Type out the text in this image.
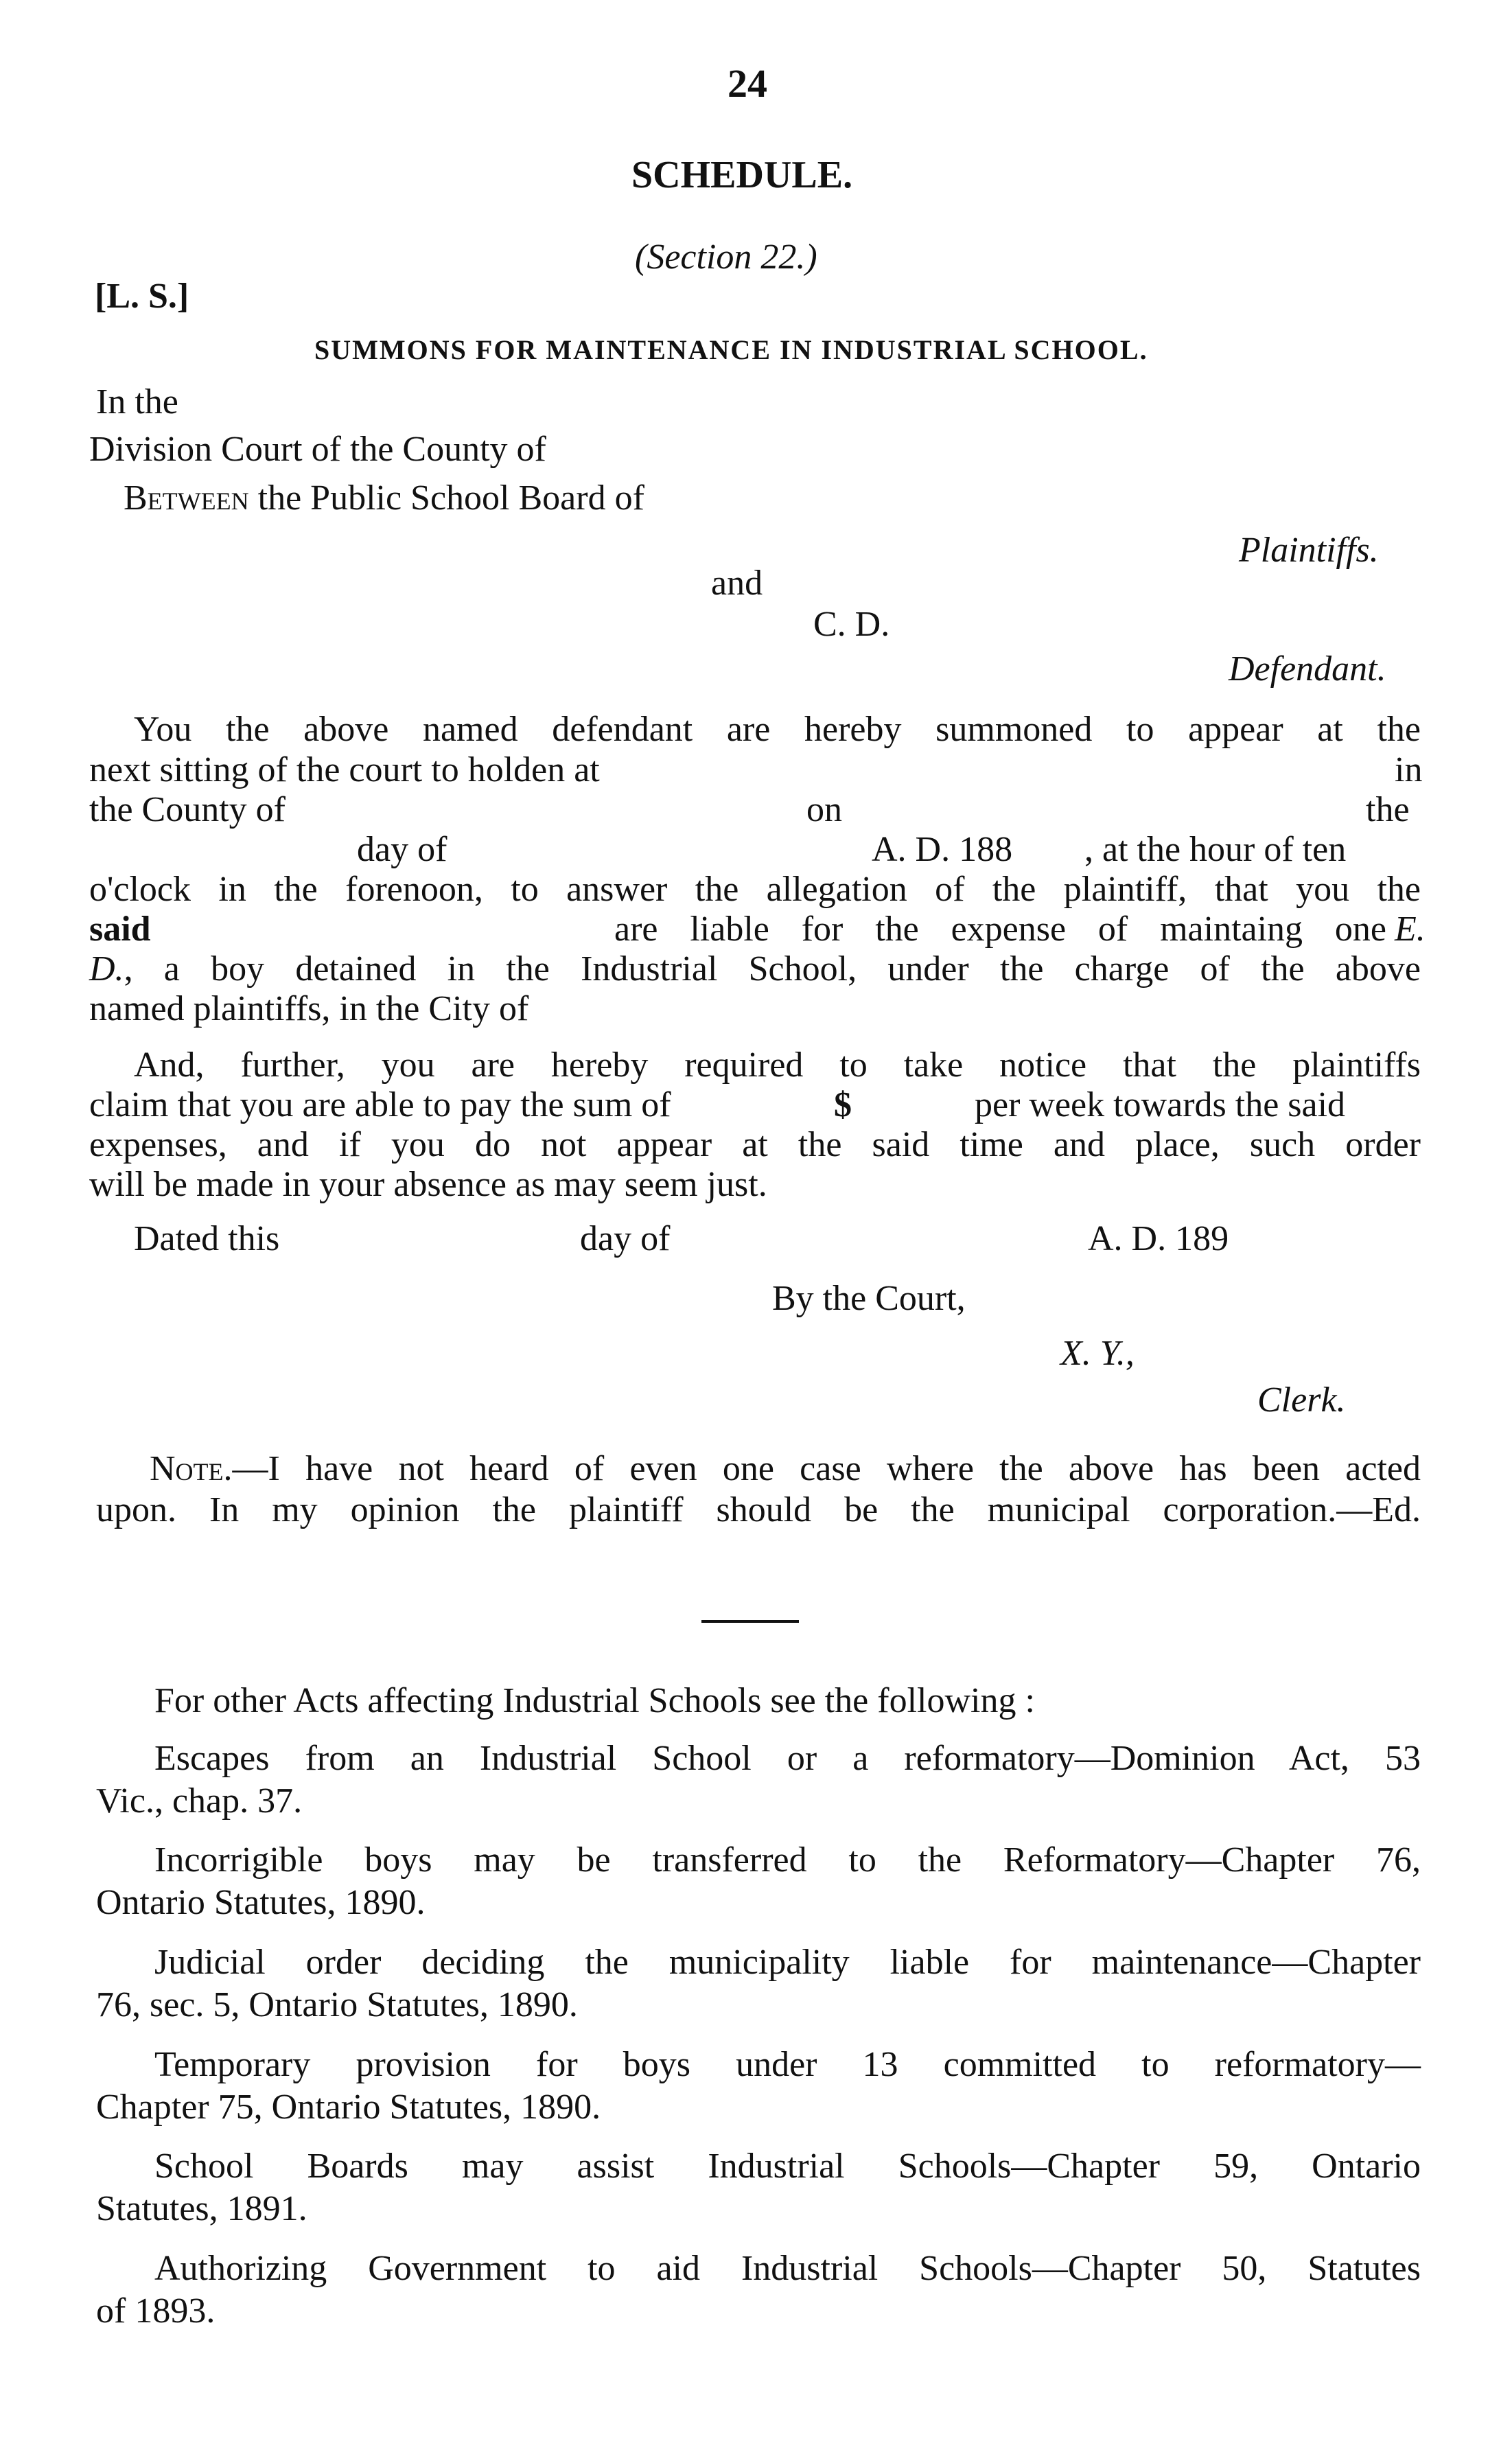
24
SCHEDULE.
(Section 22.)
[L. S.]
SUMMONS FOR MAINTENANCE IN INDUSTRIAL SCHOOL.
In the
Division Court of the County of
Between the Public School Board of
Plaintiffs.
and
C. D.
Defendant.
You the above named defendant are hereby summoned to appear at the
next sitting of the court to holden at	in
the County of	on	the
day of	A. D. 188 , at the hour of ten
o'clock in the forenoon, to answer the allegation of the plaintiff, that you the
said	are liable for the expense of maintaing one E.
D. , a boy detained in the Industrial School, under the charge of the above
named plaintiffs, in the City of
And, further, you are hereby required to take notice that the plaintiffs
claim that you are able to pay the sum of	$	per week towards the said
expenses, and if you do not appear at the said time and place, such order
will be made in your absence as may seem just.
Dated this	day of	A. D. 189
By the Court,
X. Y.,
Clerk.
Note .—I have not heard of even one case where the above has been acted
upon. In my opinion the plaintiff should be the municipal corporation.—Ed.
For other Acts affecting Industrial Schools see the following :
Escapes from an Industrial School or a reformatory—Dominion Act, 53
Vic., chap. 37.
Incorrigible boys may be transferred to the Reformatory—Chapter 76,
Ontario Statutes, 1890.
Judicial order deciding the municipality liable for maintenance—Chapter
76, sec. 5, Ontario Statutes, 1890.
Temporary provision for boys under 13 committed to reformatory—
Chapter 75, Ontario Statutes, 1890.
School Boards may assist Industrial Schools—Chapter 59, Ontario
Statutes, 1891.
Authorizing Government to aid Industrial Schools—Chapter 50, Statutes
of 1893.
